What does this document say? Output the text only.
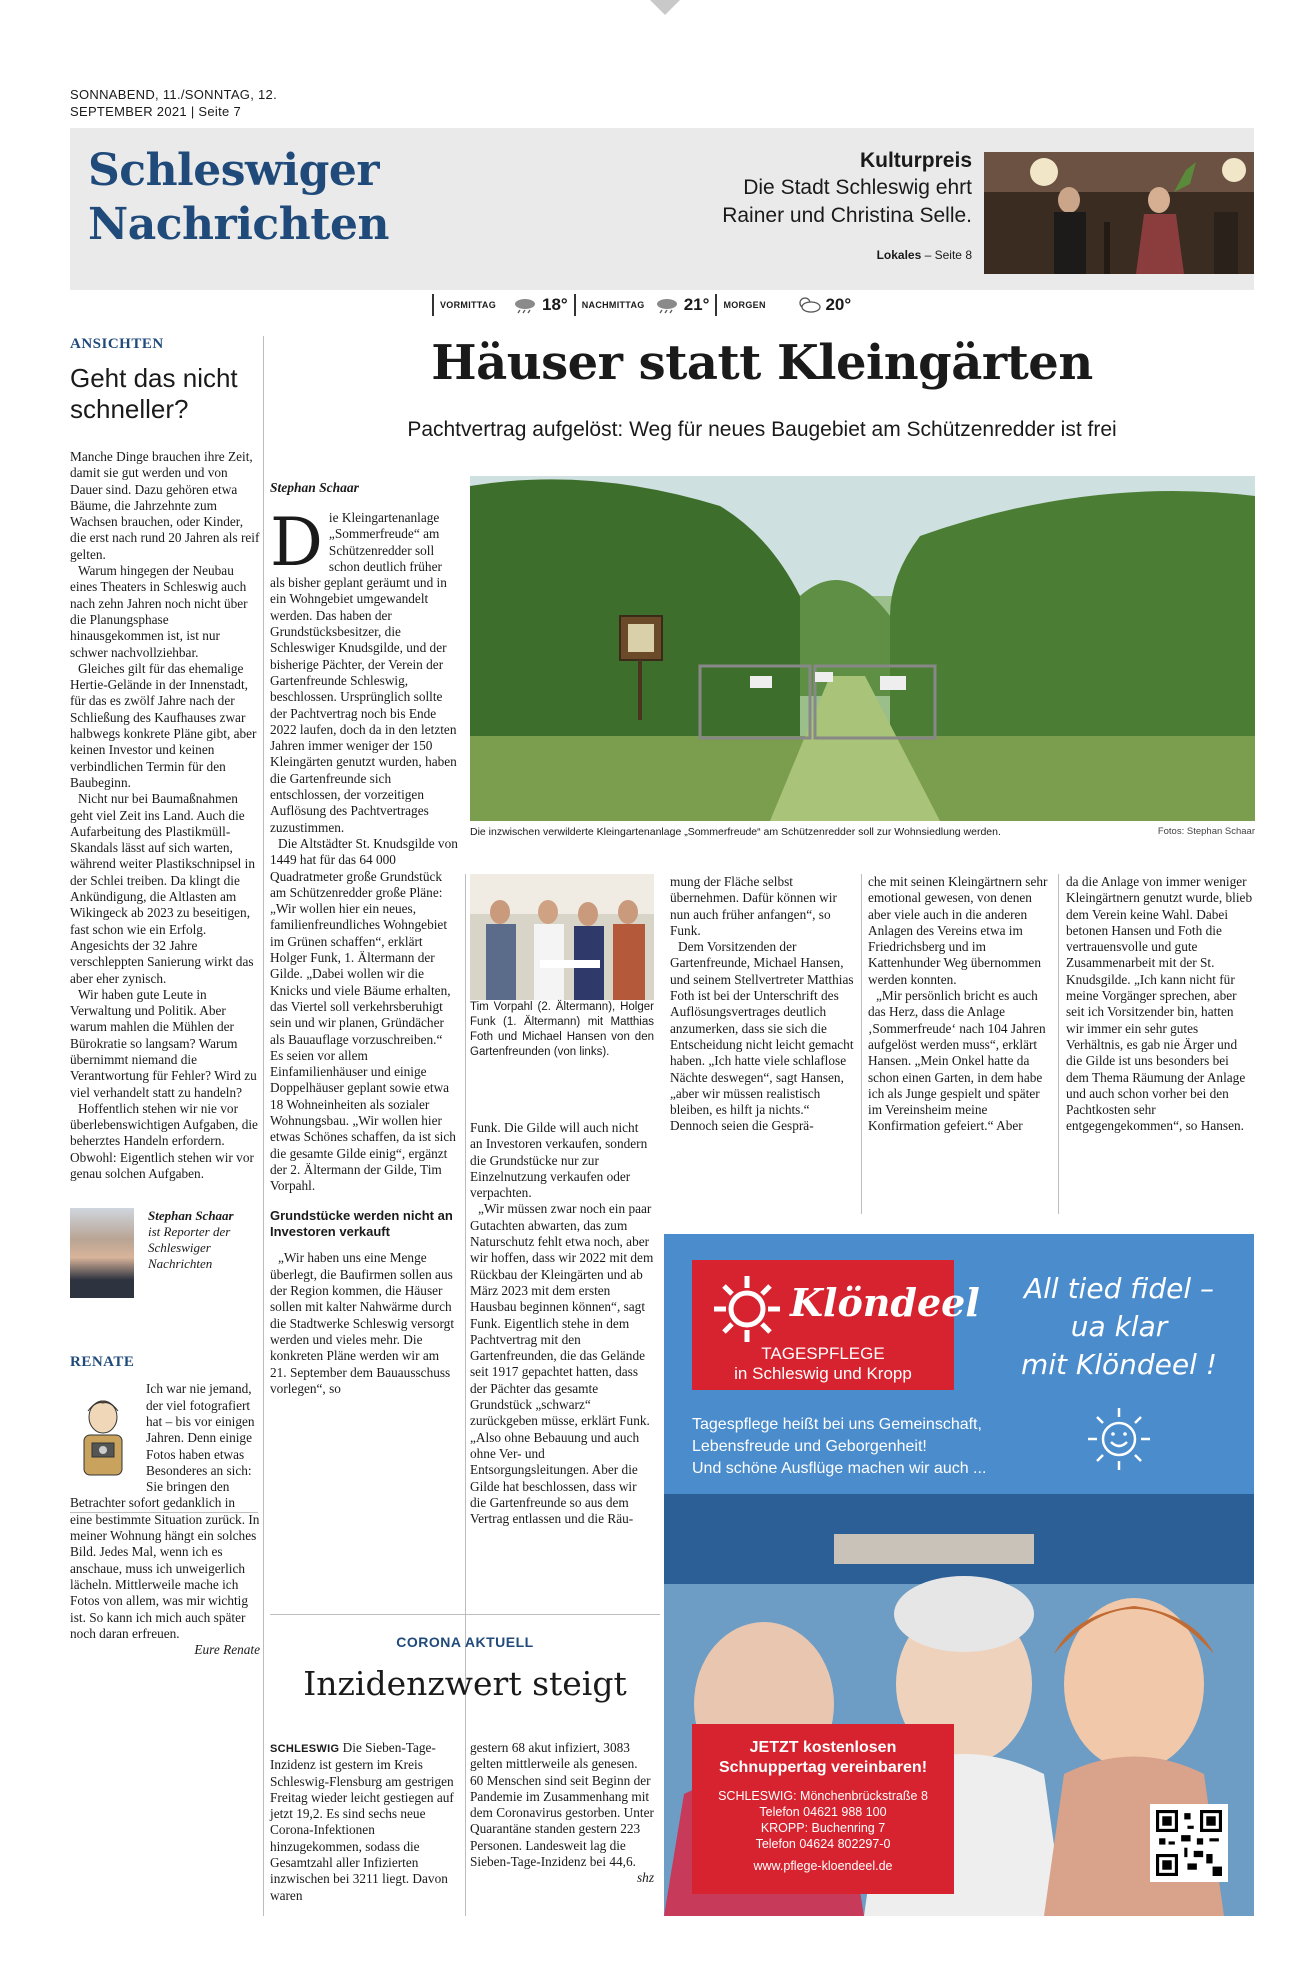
SONNABEND, 11./SONNTAG, 12. SEPTEMBER 2021 | Seite 7
Schleswiger
Nachrichten
Kulturpreis
Die Stadt Schleswig ehrt
Rainer und Christina Selle.
Lokales – Seite 8
VORMITTAG	18° NACHMITTAG	21° MORGEN	20°
ANSICHTEN
Geht das nicht schneller?

Manche Dinge brauchen ihre Zeit, damit sie gut werden und von Dauer sind. Dazu gehören etwa Bäume, die Jahrzehnte zum Wachsen brauchen, oder Kinder, die erst nach rund 20 Jahren als reif gelten.

Warum hingegen der Neubau eines Theaters in Schleswig auch nach zehn Jahren noch nicht über die Planungsphase hinausgekommen ist, ist nur schwer nachvollziehbar.

Gleiches gilt für das ehemalige Hertie-Gelände in der Innenstadt, für das es zwölf Jahre nach der Schließung des Kaufhauses zwar halbwegs konkrete Pläne gibt, aber keinen Investor und keinen verbindlichen Termin für den Baubeginn.

Nicht nur bei Baumaßnahmen geht viel Zeit ins Land. Auch die Aufarbeitung des Plastikmüll-Skandals lässt auf sich warten, während weiter Plastikschnipsel in der Schlei treiben. Da klingt die Ankündigung, die Altlasten am Wikingeck ab 2023 zu beseitigen, fast schon wie ein Erfolg. Angesichts der 32 Jahre verschleppten Sanierung wirkt das aber eher zynisch.

Wir haben gute Leute in Verwaltung und Politik. Aber warum mahlen die Mühlen der Bürokratie so langsam? Warum übernimmt niemand die Verantwortung für Fehler? Wird zu viel verhandelt statt zu handeln?

Hoffentlich stehen wir nie vor überlebenswichtigen Aufgaben, die beherztes Handeln erfordern. Obwohl: Eigentlich stehen wir vor genau solchen Aufgaben.

Stephan Schaar
ist Reporter der Schleswiger Nachrichten
RENATE

Ich war nie jemand, der viel fotografiert hat – bis vor einigen Jahren. Denn einige Fotos haben etwas Besonderes an sich: Sie bringen den Betrachter sofort gedanklich in eine bestimmte Situation zurück. In meiner Wohnung hängt ein solches Bild. Jedes Mal, wenn ich es anschaue, muss ich unweigerlich lächeln. Mittlerweile mache ich Fotos von allem, was mir wichtig ist. So kann ich mich auch später noch daran erfreuen.

Eure Renate

Häuser statt Kleingärten
Pachtvertrag aufgelöst: Weg für neues Baugebiet am Schützenredder ist frei
Stephan Schaar
D ie Kleingartenanlage „Sommerfreude“ am Schützenredder soll schon deutlich früher als bisher geplant geräumt und in ein Wohngebiet umgewandelt werden. Das haben der Grundstücksbesitzer, die Schleswiger Knudsgilde, und der bisherige Pächter, der Verein der Gartenfreunde Schleswig, beschlossen. Ursprünglich sollte der Pachtvertrag noch bis Ende 2022 laufen, doch da in den letzten Jahren immer weniger der 150 Kleingärten genutzt wurden, haben die Gartenfreunde sich entschlossen, der vorzeitigen Auflösung des Pachtvertrages zuzustimmen.

Die Altstädter St. Knudsgilde von 1449 hat für das 64 000 Quadratmeter große Grundstück am Schützenredder große Pläne: „Wir wollen hier ein neues, familienfreundliches Wohngebiet im Grünen schaffen“, erklärt Holger Funk, 1. Ältermann der Gilde. „Dabei wollen wir die Knicks und viele Bäume erhalten, das Viertel soll verkehrsberuhigt sein und wir planen, Gründächer als Bauauflage vorzuschreiben.“ Es seien vor allem Einfamilienhäuser und einige Doppelhäuser geplant sowie etwa 18 Wohneinheiten als sozialer Wohnungsbau. „Wir wollen hier etwas Schönes schaffen, da ist sich die gesamte Gilde einig“, ergänzt der 2. Ältermann der Gilde, Tim Vorpahl.

Grundstücke werden nicht an Investoren verkauft

„Wir haben uns eine Menge überlegt, die Baufirmen sollen aus der Region kommen, die Häuser sollen mit kalter Nahwärme durch die Stadtwerke Schleswig versorgt werden und vieles mehr. Die konkreten Pläne werden wir am 21. September dem Bauausschuss vorlegen“, so

Die inzwischen verwilderte Kleingartenanlage „Sommerfreude“ am Schützenredder soll zur Wohnsiedlung werden.	Fotos: Stephan Schaar
Tim Vorpahl (2. Ältermann), Holger Funk (1. Ältermann) mit Matthias Foth und Michael Hansen von den Gartenfreunden (von links).

Funk. Die Gilde will auch nicht an Investoren verkaufen, sondern die Grundstücke nur zur Einzelnutzung verkaufen oder verpachten.

„Wir müssen zwar noch ein paar Gutachten abwarten, das zum Naturschutz fehlt etwa noch, aber wir hoffen, dass wir 2022 mit dem Rückbau der Kleingärten und ab März 2023 mit dem ersten Hausbau beginnen können“, sagt Funk. Eigentlich stehe in dem Pachtvertrag mit den Gartenfreunden, die das Gelände seit 1917 gepachtet hatten, dass der Pächter das gesamte Grundstück „schwarz“ zurückgeben müsse, erklärt Funk. „Also ohne Bebauung und auch ohne Ver- und Entsorgungsleitungen. Aber die Gilde hat beschlossen, dass wir die Gartenfreunde so aus dem Vertrag entlassen und die Räu-

mung der Fläche selbst übernehmen. Dafür können wir nun auch früher anfangen“, so Funk.

Dem Vorsitzenden der Gartenfreunde, Michael Hansen, und seinem Stellvertreter Matthias Foth ist bei der Unterschrift des Auflösungsvertrages deutlich anzumerken, dass sie sich die Entscheidung nicht leicht gemacht haben. „Ich hatte viele schlaflose Nächte deswegen“, sagt Hansen, „aber wir müssen realistisch bleiben, es hilft ja nichts.“ Dennoch seien die Gesprä-

che mit seinen Kleingärtnern sehr emotional gewesen, von denen aber viele auch in die anderen Anlagen des Vereins etwa im Friedrichsberg und im Kattenhunder Weg übernommen werden konnten.

„Mir persönlich bricht es auch das Herz, dass die Anlage ‚Sommerfreude‘ nach 104 Jahren aufgelöst werden muss“, erklärt Hansen. „Mein Onkel hatte da schon einen Garten, in dem habe ich als Junge gespielt und später im Vereinsheim meine Konfirmation gefeiert.“ Aber

da die Anlage von immer weniger Kleingärtnern genutzt wurde, blieb dem Verein keine Wahl. Dabei betonen Hansen und Foth die vertrauensvolle und gute Zusammenarbeit mit der St. Knudsgilde. „Ich kann nicht für meine Vorgänger sprechen, aber seit ich Vorsitzender bin, hatten wir immer ein sehr gutes Verhältnis, es gab nie Ärger und die Gilde ist uns besonders bei dem Thema Räumung der Anlage und auch schon vorher bei den Pachtkosten sehr entgegengekommen“, so Hansen.

CORONA AKTUELL
Inzidenzwert steigt

SCHLESWIG Die Sieben-Tage-Inzidenz ist gestern im Kreis Schleswig-Flensburg am gestrigen Freitag wieder leicht gestiegen auf jetzt 19,2. Es sind sechs neue Corona-Infektionen hinzugekommen, sodass die Gesamtzahl aller Infizierten inzwischen bei 3211 liegt. Davon waren

gestern 68 akut infiziert, 3083 gelten mittlerweile als genesen. 60 Menschen sind seit Beginn der Pandemie im Zusammenhang mit dem Coronavirus gestorben. Unter Quarantäne standen gestern 223 Personen. Landesweit lag die Sieben-Tage-Inzidenz bei 44,6.

shz

Klöndeel
TAGESPFLEGE
in Schleswig und Kropp
All tied fidel –
ua klar
mit Klöndeel !
Tagespflege heißt bei uns Gemeinschaft,
Lebensfreude und Geborgenheit!
Und schöne Ausflüge machen wir auch ...
JETZT kostenlosen
Schnuppertag vereinbaren!
SCHLESWIG: Mönchenbrückstraße 8
Telefon 04621 988 100
KROPP: Buchenring 7
Telefon 04624 802297-0
www.pflege-kloendeel.de
